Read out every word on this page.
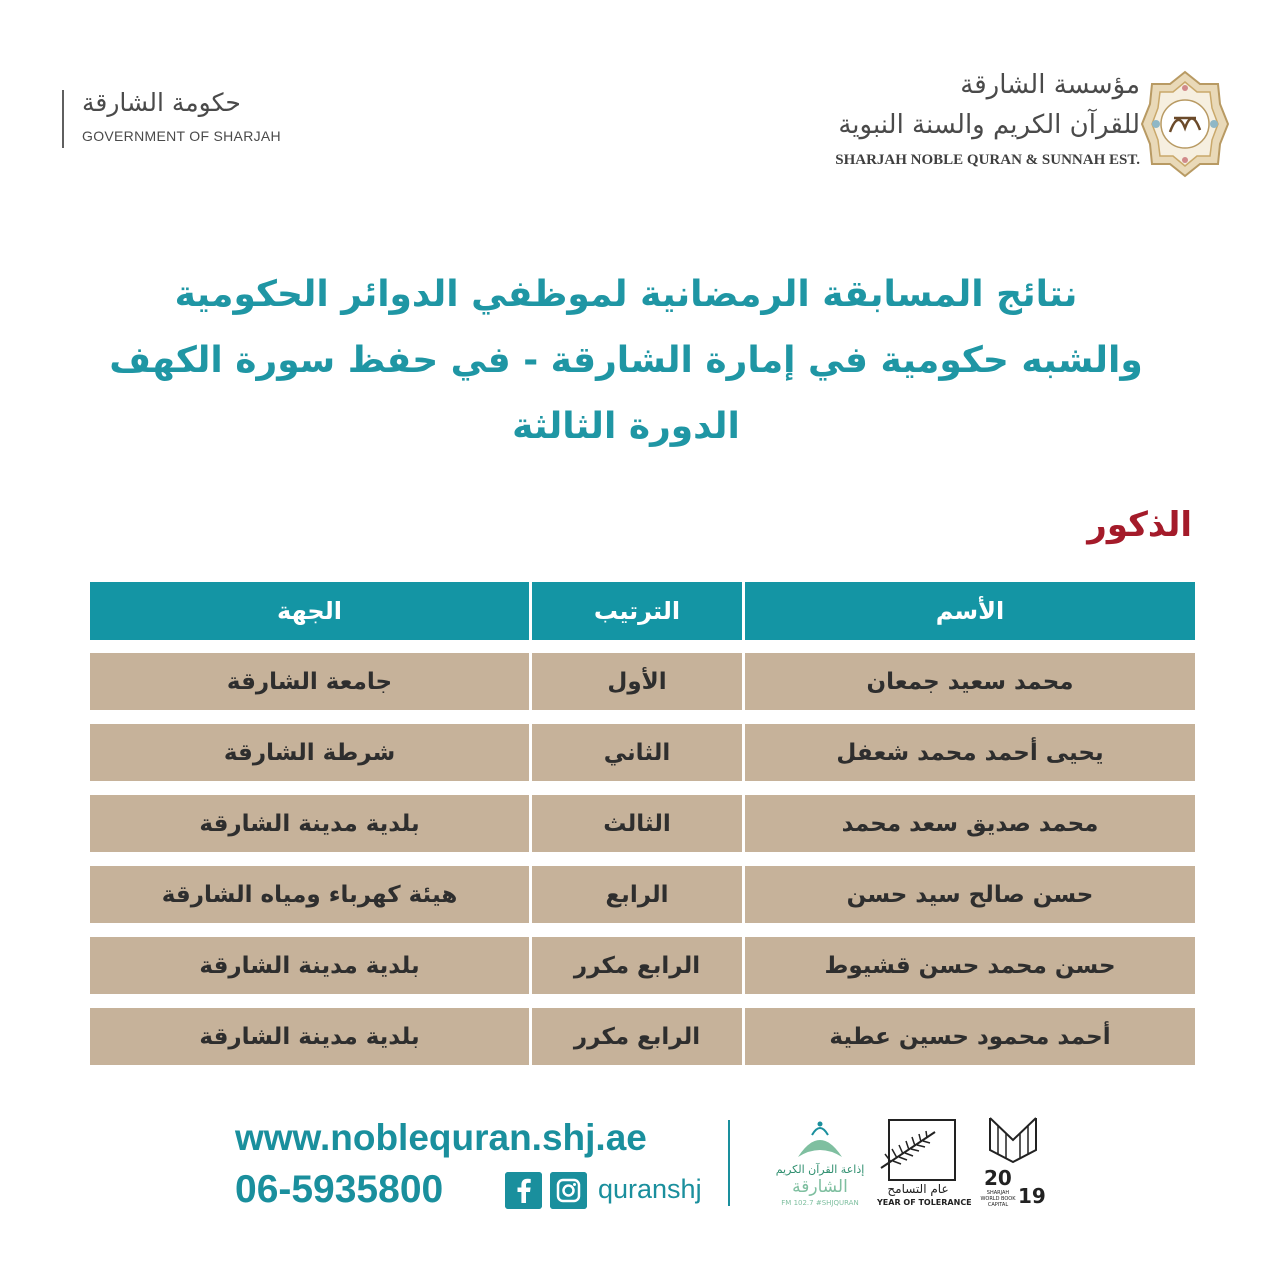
حكومة الشارقة
GOVERNMENT OF SHARJAH
مؤسسة الشارقة
للقرآن الكريم والسنة النبوية
SHARJAH NOBLE QURAN & SUNNAH EST.
نتائج المسابقة الرمضانية لموظفي الدوائر الحكومية
والشبه حكومية في إمارة الشارقة - في حفظ سورة الكهف
الدورة الثالثة
الذكور
الأسم
الترتيب
الجهة
محمد سعيد جمعان
الأول
جامعة الشارقة
يحيى أحمد محمد شعفل
الثاني
شرطة الشارقة
محمد صديق سعد محمد
الثالث
بلدية مدينة الشارقة
حسن صالح سيد حسن
الرابع
هيئة كهرباء ومياه الشارقة
حسن محمد حسن قشيوط
الرابع مكرر
بلدية مدينة الشارقة
أحمد محمود حسين عطية
الرابع مكرر
بلدية مدينة الشارقة
www.noblequran.shj.ae
06-5935800	quranshj
إذاعة القرآن الكريم
الشارقة
FM 102.7 #SHJQURAN
عام التسامح
YEAR OF TOLERANCE
20
19
SHARJAH WORLD BOOK CAPITAL
